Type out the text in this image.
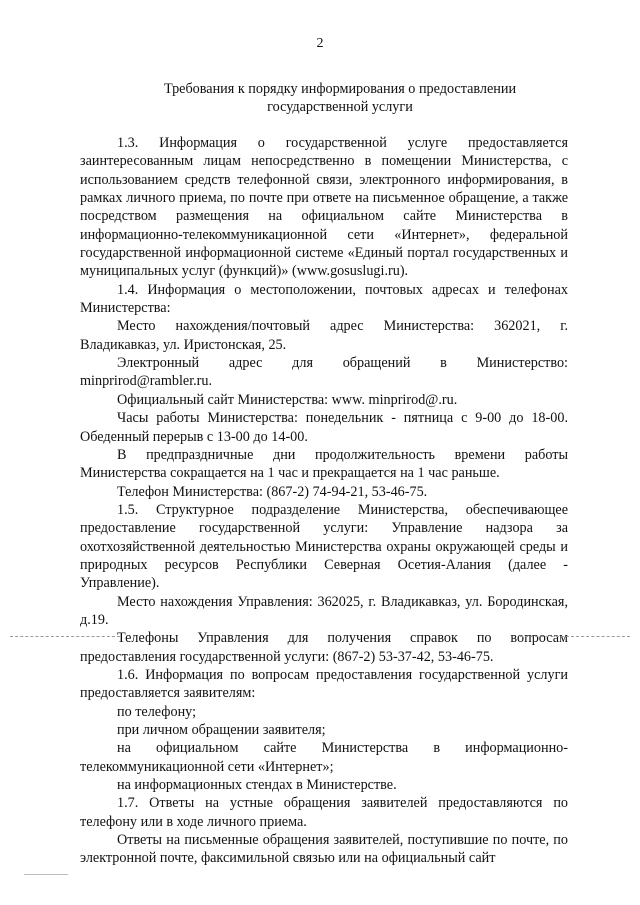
2
Требования к порядку информирования о предоставлении
государственной услуги

1.3. Информация о государственной услуге предоставляется заинтересованным лицам непосредственно в помещении Министерства, с использованием средств телефонной связи, электронного информирования, в рамках личного приема, по почте при ответе на письменное обращение, а также посредством размещения на официальном сайте Министерства в информационно-телекоммуникационной сети «Интернет», федеральной государственной информационной системе «Единый портал государственных и муниципальных услуг (функций)» (www.gosuslugi.ru).

1.4. Информация о местоположении, почтовых адресах и телефонах Министерства:

Место нахождения/почтовый адрес Министерства: 362021, г. Владикавказ, ул. Иристонская, 25.

Электронный адрес для обращений в Министерство: minprirod@rambler.ru.

Официальный сайт Министерства: www. minprirod@.ru.

Часы работы Министерства: понедельник - пятница с 9-00 до 18-00. Обеденный перерыв с 13-00 до 14-00.

В предпраздничные дни продолжительность времени работы Министерства сокращается на 1 час и прекращается на 1 час раньше.

Телефон Министерства: (867-2) 74-94-21, 53-46-75.

1.5. Структурное подразделение Министерства, обеспечивающее предоставление государственной услуги: Управление надзора за охотхозяйственной деятельностью Министерства охраны окружающей среды и природных ресурсов Республики Северная Осетия-Алания (далее - Управление).

Место нахождения Управления: 362025, г. Владикавказ, ул. Бородинская, д.19.

Телефоны Управления для получения справок по вопросам предоставления государственной услуги: (867-2) 53-37-42, 53-46-75.

1.6. Информация по вопросам предоставления государственной услуги предоставляется заявителям:

по телефону;

при личном обращении заявителя;

на официальном сайте Министерства в информационно-телекоммуникационной сети «Интернет»;

на информационных стендах в Министерстве.

1.7. Ответы на устные обращения заявителей предоставляются по телефону или в ходе личного приема.

Ответы на письменные обращения заявителей, поступившие по почте, по электронной почте, факсимильной связью или на официальный сайт
